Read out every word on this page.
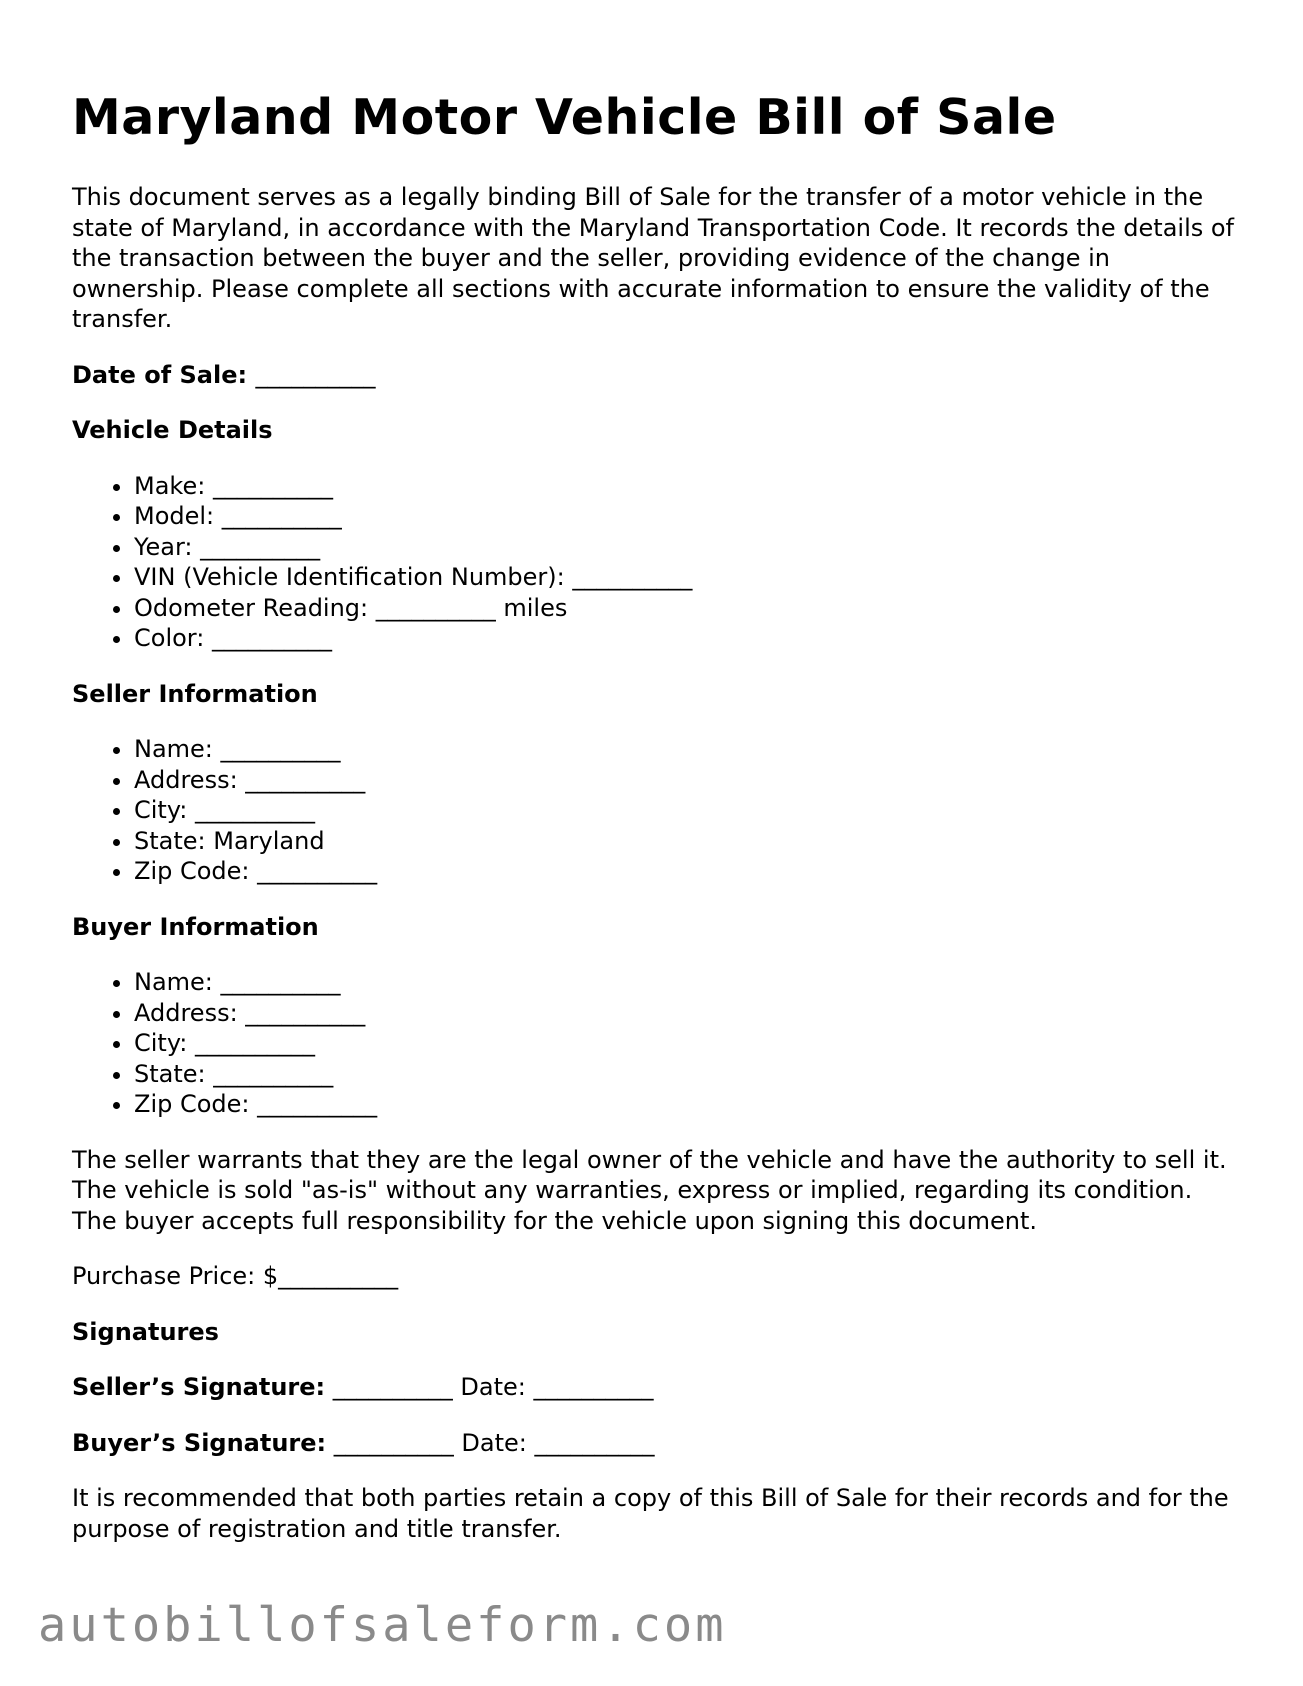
Maryland Motor Vehicle Bill of Sale

This document serves as a legally binding Bill of Sale for the transfer of a motor vehicle in the state of Maryland, in accordance with the Maryland Transportation Code. It records the details of the transaction between the buyer and the seller, providing evidence of the change in ownership. Please complete all sections with accurate information to ensure the validity of the transfer.

Date of Sale: __________

Vehicle Details

• Make: __________
• Model: __________
• Year: __________
• VIN (Vehicle Identification Number): __________
• Odometer Reading: __________ miles
• Color: __________

Seller Information

• Name: __________
• Address: __________
• City: __________
• State: Maryland
• Zip Code: __________

Buyer Information

• Name: __________
• Address: __________
• City: __________
• State: __________
• Zip Code: __________

The seller warrants that they are the legal owner of the vehicle and have the authority to sell it. The vehicle is sold "as-is" without any warranties, express or implied, regarding its condition. The buyer accepts full responsibility for the vehicle upon signing this document.

Purchase Price: $__________

Signatures

Seller’s Signature: __________ Date: __________

Buyer’s Signature: __________ Date: __________

It is recommended that both parties retain a copy of this Bill of Sale for their records and for the purpose of registration and title transfer.

autobillofsaleform.com
